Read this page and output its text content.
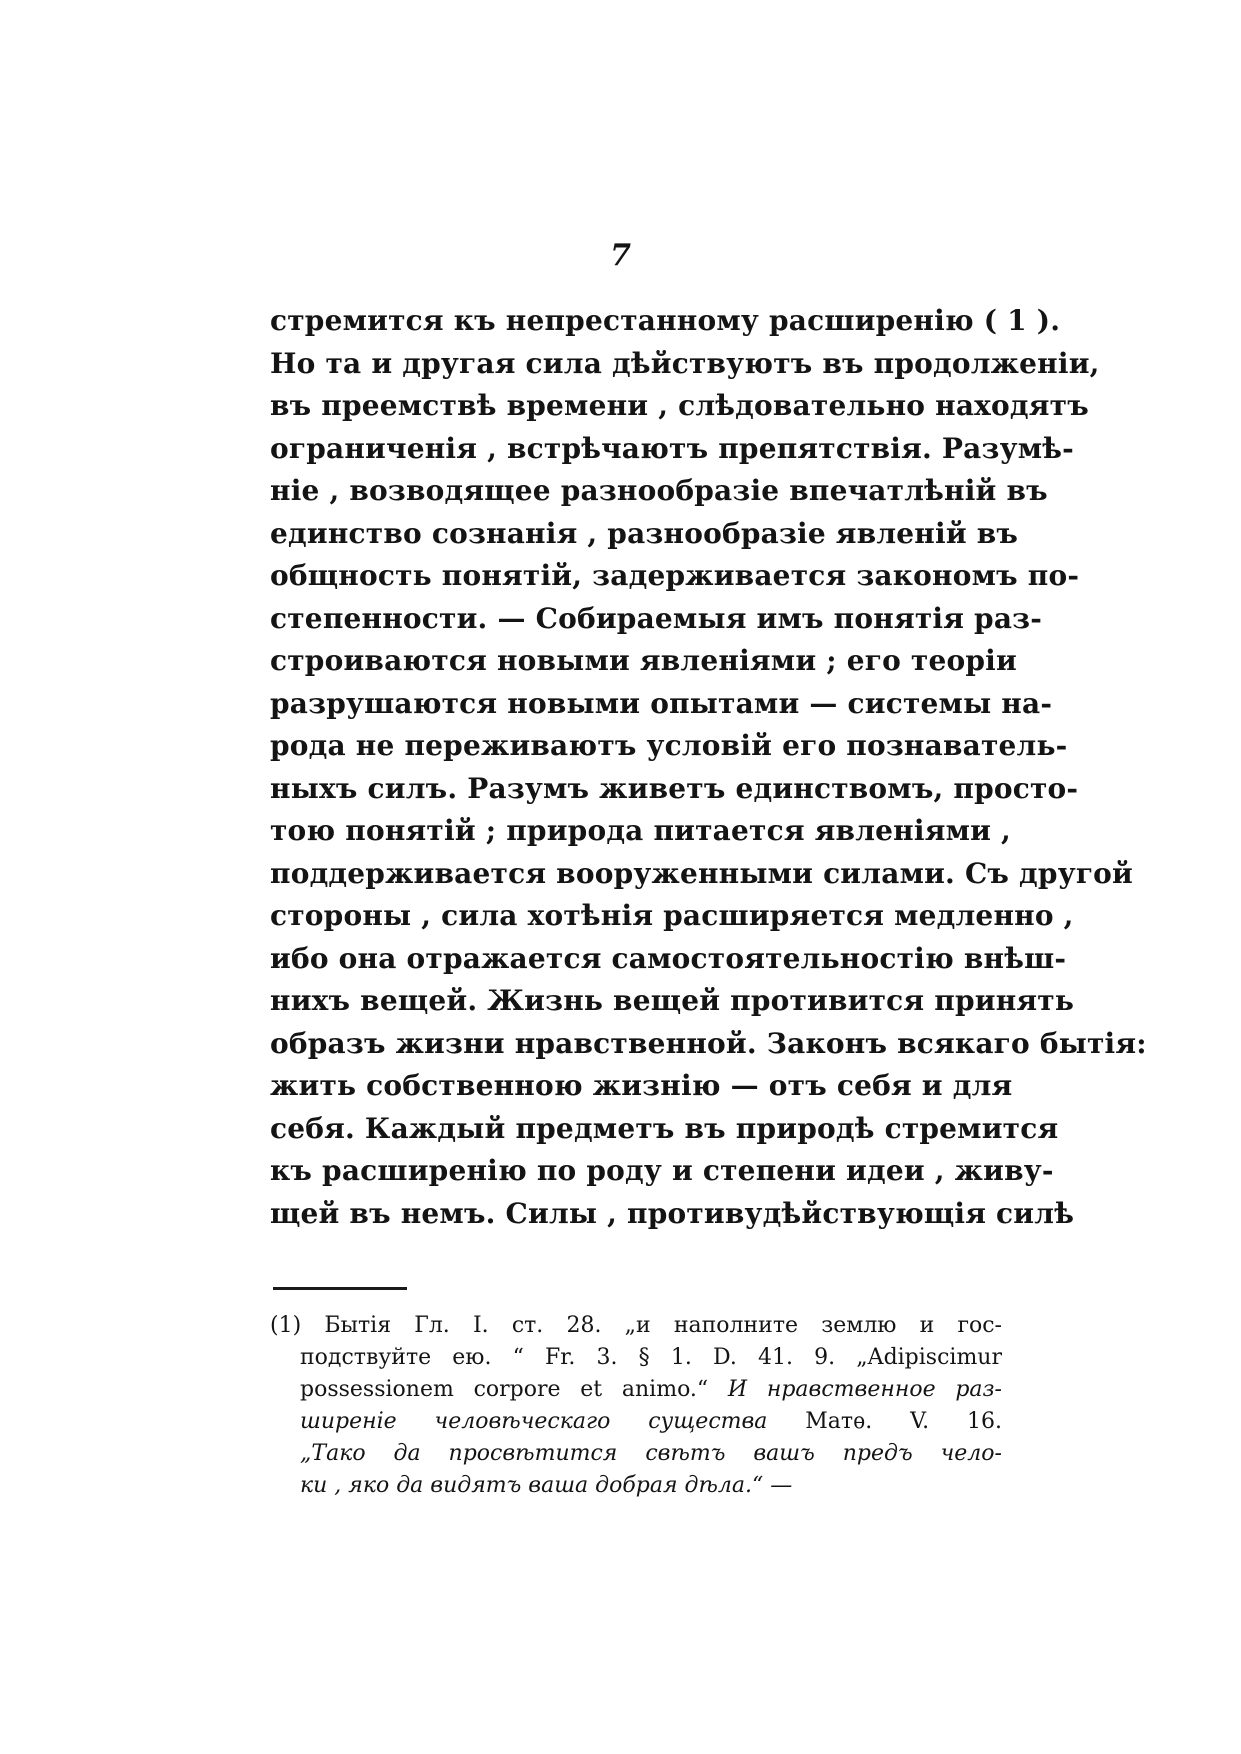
7
стремится къ непрестанному расширенію ( 1 ).
Но та и другая сила дѣйствуютъ въ продолженіи,
въ преемствѣ времени , слѣдовательно находятъ
ограниченія , встрѣчаютъ препятствія. Разумѣ-
ніе , возводящее разнообразіе впечатлѣній въ
единство сознанія , разнообразіе явленій въ
общность понятій, задерживается закономъ по-
степенности. — Собираемыя имъ понятія раз-
строиваются новыми явленіями ; его теоріи
разрушаются новыми опытами — системы на-
рода не переживаютъ условій его познаватель-
ныхъ силъ. Разумъ живетъ единствомъ, просто-
тою понятій ; природа питается явленіями ,
поддерживается вооруженными силами. Съ другой
стороны , сила хотѣнія расширяется медленно ,
ибо она отражается самостоятельностію внѣш-
нихъ вещей. Жизнь вещей противится принять
образъ жизни нравственной. Законъ всякаго бытія:
жить собственною жизнію — отъ себя и для
себя. Каждый предметъ въ природѣ стремится
къ расширенію по роду и степени идеи , живу-
щей въ немъ. Силы , противудѣйствующія силѣ
(1) Бытія Гл. I. ст. 28. „и наполните землю и гос-
подствуйте ею. “ Fr. 3. § 1. D. 41. 9. „Adipiscimur
possessionem corpore et animo.“ И нравственное раз-
ширеніе человѣческаго существа Матѳ. V. 16.
„Тако да просвѣтится свѣтъ вашъ предъ чело-
ки , яко да видятъ ваша добрая дѣла.“ —
